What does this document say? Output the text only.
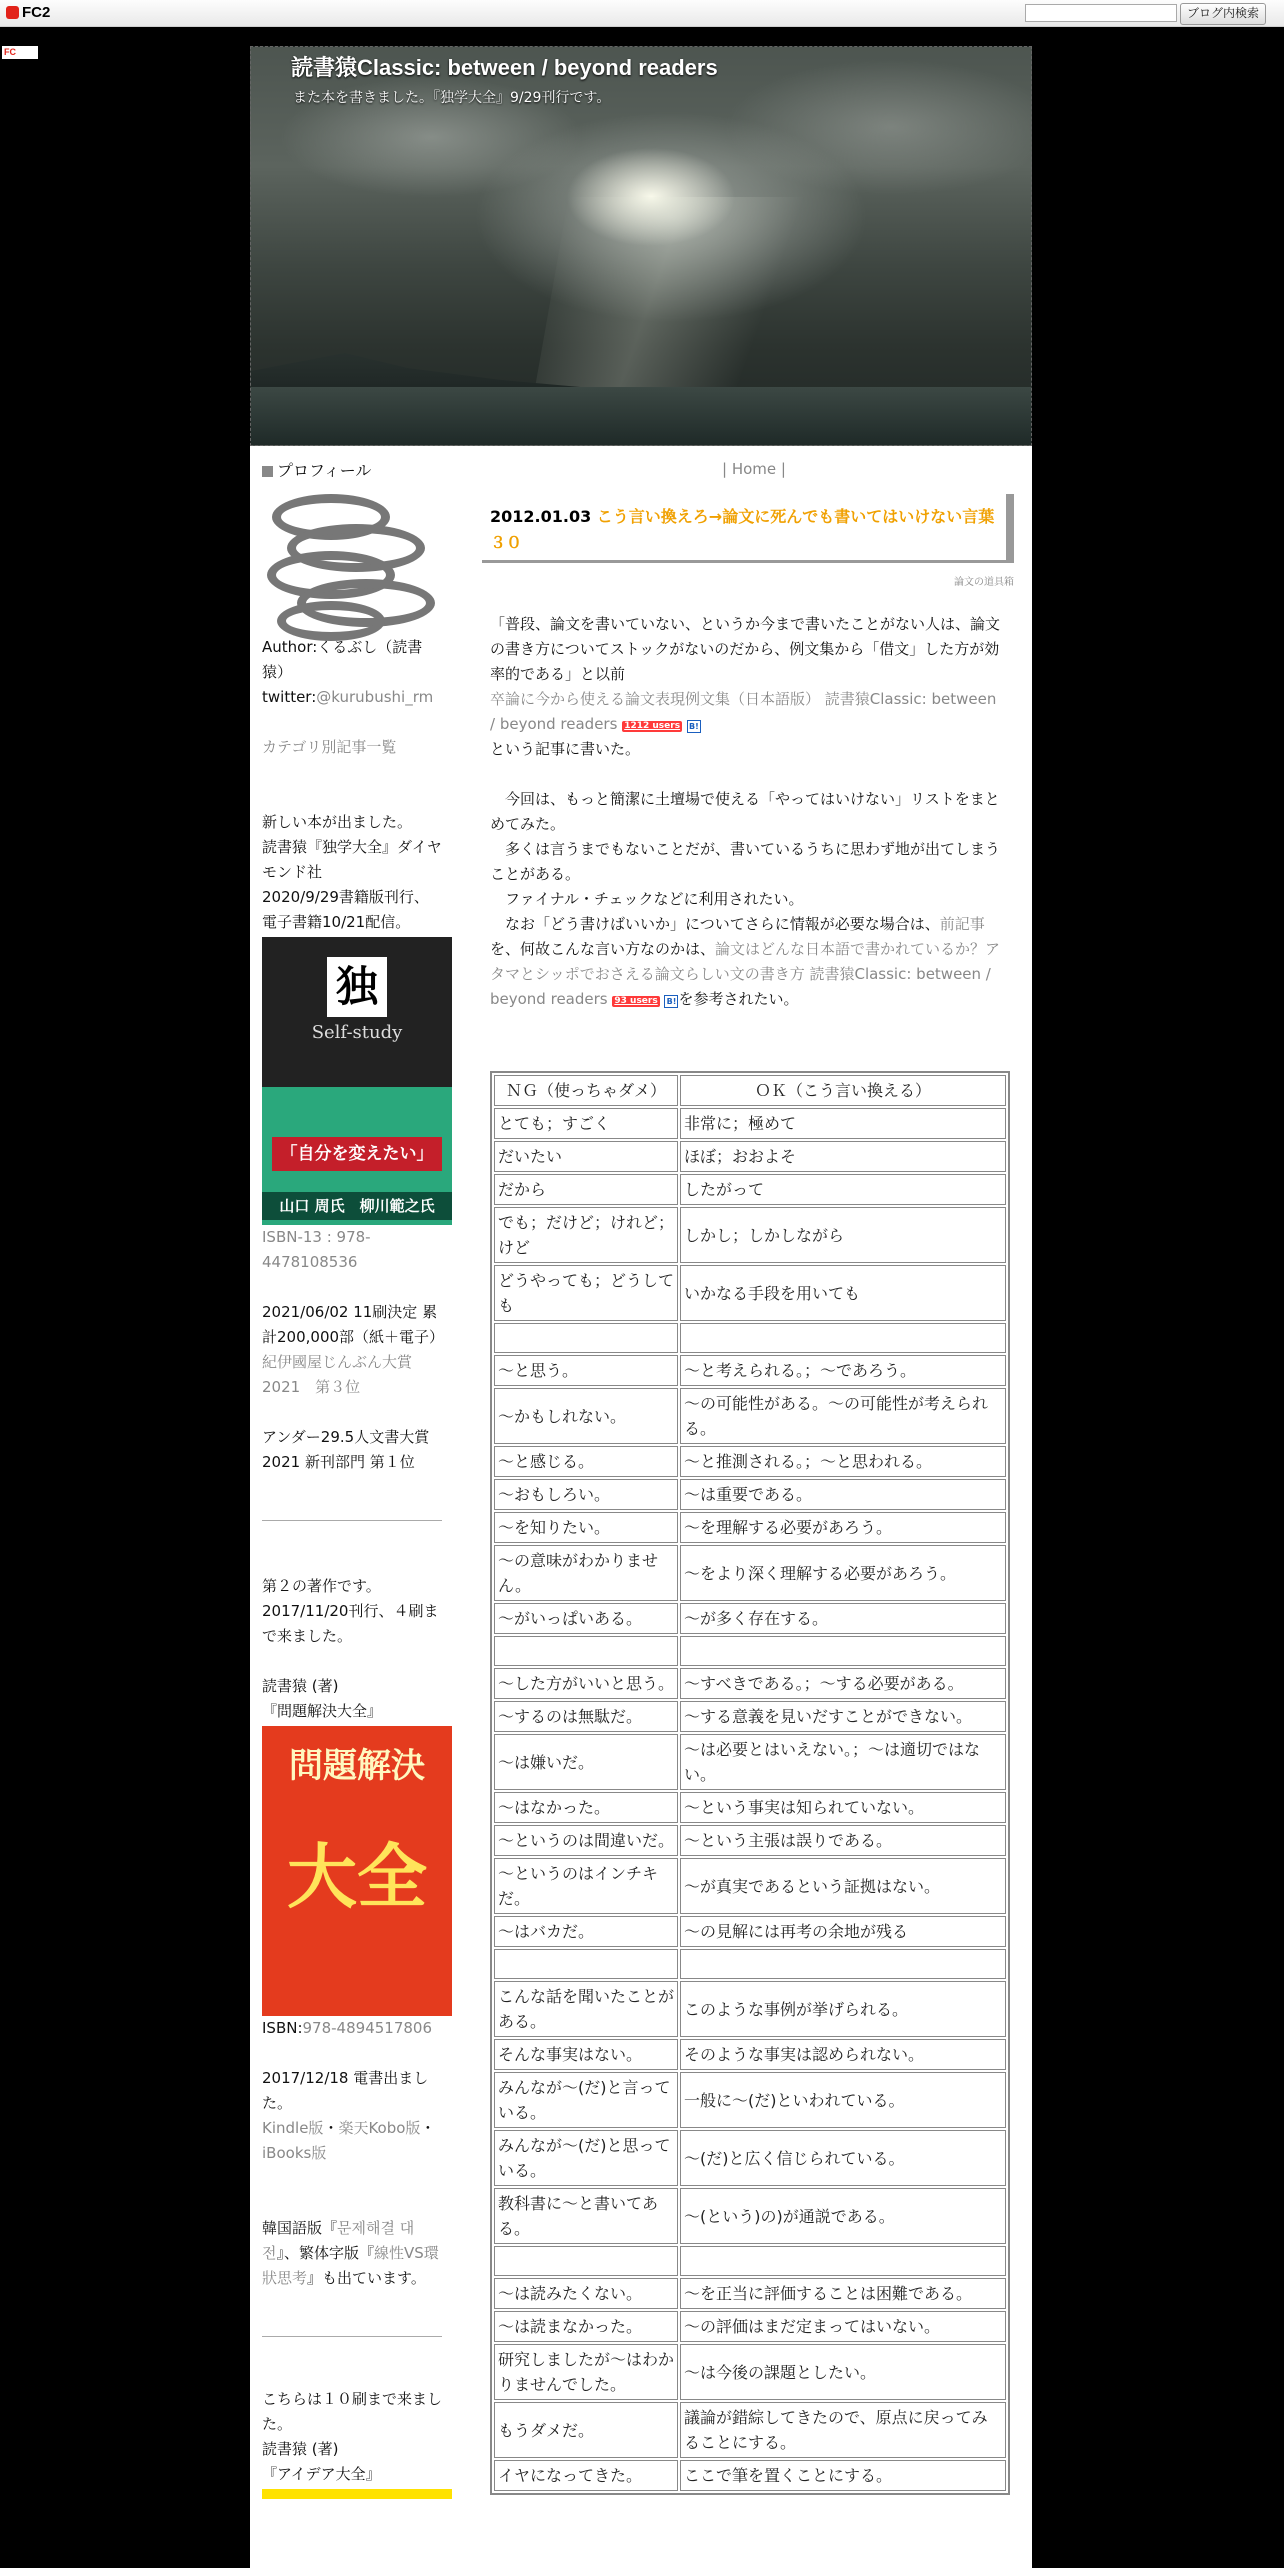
FC2	ブログ内検索
FC
読書猿Classic: between / beyond readers
また本を書きました。『独学大全』9/29刊行です。
プロフィール
Author:くるぶし（読書猿）
twitter:@kurubushi_rm
カテゴリ別記事一覧
新しい本が出ました。
読書猿『独学大全』ダイヤモンド社
2020/9/29書籍版刊行、
電子書籍10/21配信。
独
Self-study
「自分を変えたい」
山口 周氏　柳川範之氏
ISBN-13 : 978-4478108536
2021/06/02 11刷決定 累計200,000部（紙＋電子）
紀伊國屋じんぶん大賞2021　第３位
アンダー29.5人文書大賞2021 新刊部門 第１位
第２の著作です。2017/11/20刊行、４刷まで来ました。
読書猿 (著)
『問題解決大全』
問題解決
大全
ISBN:978-4894517806
2017/12/18 電書出ました。
Kindle版・楽天Kobo版・
iBooks版
韓国語版『문제해결 대전』、繁体字版『線性VS環狀思考』も出ています。
こちらは１０刷まで来ました。
読書猿 (著)
『アイデア大全』
| Home |
2012.01.03 こう言い換えろ→論文に死んでも書いてはいけない言葉３０
論文の道具箱

「普段、論文を書いていない、というか今まで書いたことがない人は、論文の書き方についてストックがないのだから、例文集から「借文」した方が効率的である」と以前

卒論に今から使える論文表現例文集（日本語版） 読書猿Classic: between / beyond readers 1212 users B!

という記事に書いた。

　今回は、もっと簡潔に土壇場で使える「やってはいけない」リストをまとめてみた。

　多くは言うまでもないことだが、書いているうちに思わず地が出てしまうことがある。

　ファイナル・チェックなどに利用されたい。

　なお「どう書けばいいか」についてさらに情報が必要な場合は、前記事を、何故こんな言い方なのかは、論文はどんな日本語で書かれているか？アタマとシッポでおさえる論文らしい文の書き方 読書猿Classic: between / beyond readers 93 users B! を参考されたい。

ＮＧ（使っちゃダメ）	ＯＫ（こう言い換える）
とても；すごく	非常に；極めて
だいたい	ほぼ；おおよそ
だから	したがって
でも；だけど；けれど；けど	しかし；しかしながら
どうやっても；どうしても	いかなる手段を用いても

～と思う。	～と考えられる。；～であろう。
～かもしれない。	～の可能性がある。～の可能性が考えられる。
～と感じる。	～と推測される。；～と思われる。
～おもしろい。	～は重要である。
～を知りたい。	～を理解する必要があろう。
～の意味がわかりません。	～をより深く理解する必要があろう。
～がいっぱいある。	～が多く存在する。

～した方がいいと思う。	～すべきである。；～する必要がある。
～するのは無駄だ。	～する意義を見いだすことができない。
～は嫌いだ。	～は必要とはいえない。；～は適切ではない。
～はなかった。	～という事実は知られていない。
～というのは間違いだ。	～という主張は誤りである。
～というのはインチキだ。	～が真実であるという証拠はない。
～はバカだ。	～の見解には再考の余地が残る

こんな話を聞いたことがある。	このような事例が挙げられる。
そんな事実はない。	そのような事実は認められない。
みんなが～(だ)と言っている。	一般に～(だ)といわれている。
みんなが～(だ)と思っている。	～(だ)と広く信じられている。
教科書に～と書いてある。	～(という)の)が通説である。

～は読みたくない。	～を正当に評価することは困難である。
～は読まなかった。	～の評価はまだ定まってはいない。
研究しましたが～はわかりませんでした。	～は今後の課題としたい。
もうダメだ。	議論が錯綜してきたので、原点に戻ってみることにする。
イヤになってきた。	ここで筆を置くことにする。
